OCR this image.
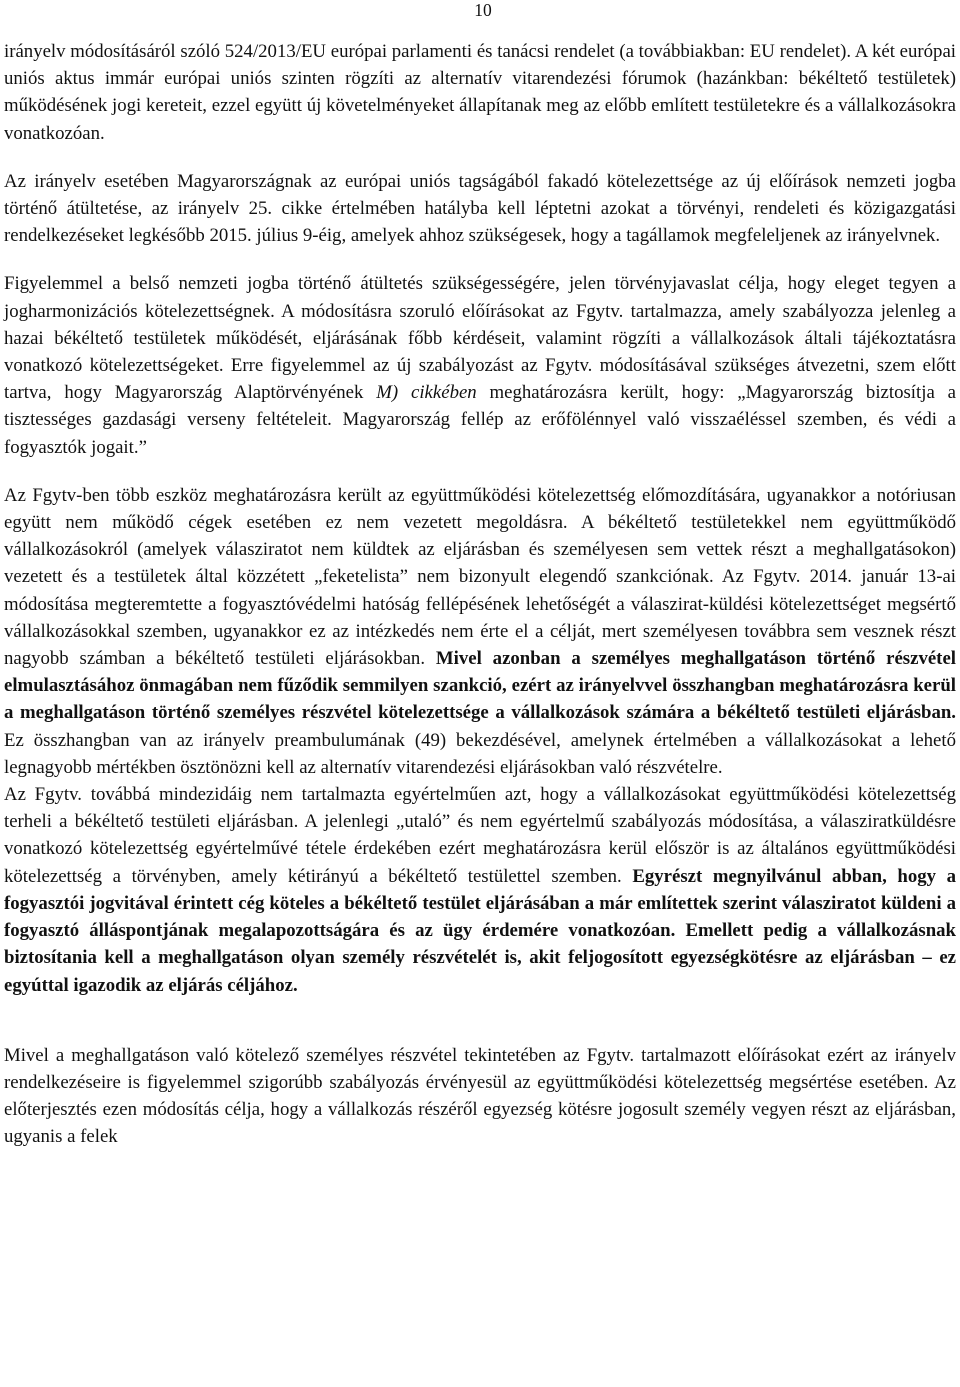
10

irányelv módosításáról szóló 524/2013/EU európai parlamenti és tanácsi rendelet (a továbbiakban: EU rendelet). A két európai uniós aktus immár európai uniós szinten rögzíti az alternatív vitarendezési fórumok (hazánkban: békéltető testületek) működésének jogi kereteit, ezzel együtt új követelményeket állapítanak meg az előbb említett testületekre és a vállalkozásokra vonatkozóan.

Az irányelv esetében Magyarországnak az európai uniós tagságából fakadó kötelezettsége az új előírások nemzeti jogba történő átültetése, az irányelv 25. cikke értelmében hatályba kell léptetni azokat a törvényi, rendeleti és közigazgatási rendelkezéseket legkésőbb 2015. július 9-éig, amelyek ahhoz szükségesek, hogy a tagállamok megfeleljenek az irányelvnek.

Figyelemmel a belső nemzeti jogba történő átültetés szükségességére, jelen törvényjavaslat célja, hogy eleget tegyen a jogharmonizációs kötelezettségnek. A módosításra szoruló előírásokat az Fgytv. tartalmazza, amely szabályozza jelenleg a hazai békéltető testületek működését, eljárásának főbb kérdéseit, valamint rögzíti a vállalkozások általi tájékoztatásra vonatkozó kötelezettségeket. Erre figyelemmel az új szabályozást az Fgytv. módosításával szükséges átvezetni, szem előtt tartva, hogy Magyarország Alaptörvényének M) cikkében meghatározásra került, hogy: „Magyarország biztosítja a tisztességes gazdasági verseny feltételeit. Magyarország fellép az erőfölénnyel való visszaéléssel szemben, és védi a fogyasztók jogait.”

Az Fgytv-ben több eszköz meghatározásra került az együttműködési kötelezettség előmozdítására, ugyanakkor a notóriusan együtt nem működő cégek esetében ez nem vezetett megoldásra. A békéltető testületekkel nem együttműködő vállalkozásokról (amelyek válasziratot nem küldtek az eljárásban és személyesen sem vettek részt a meghallgatásokon) vezetett és a testületek által közzétett „feketelista” nem bizonyult elegendő szankciónak. Az Fgytv. 2014. január 13-ai módosítása megteremtette a fogyasztóvédelmi hatóság fellépésének lehetőségét a válaszirat-küldési kötelezettséget megsértő vállalkozásokkal szemben, ugyanakkor ez az intézkedés nem érte el a célját, mert személyesen továbbra sem vesznek részt nagyobb számban a békéltető testületi eljárásokban. Mivel azonban a személyes meghallgatáson történő részvétel elmulasztásához önmagában nem fűződik semmilyen szankció, ezért az irányelvvel összhangban meghatározásra kerül a meghallgatáson történő személyes részvétel kötelezettsége a vállalkozások számára a békéltető testületi eljárásban. Ez összhangban van az irányelv preambulumának (49) bekezdésével, amelynek értelmében a vállalkozásokat a lehető legnagyobb mértékben ösztönözni kell az alternatív vitarendezési eljárásokban való részvételre.

Az Fgytv. továbbá mindezidáig nem tartalmazta egyértelműen azt, hogy a vállalkozásokat együttműködési kötelezettség terheli a békéltető testületi eljárásban. A jelenlegi „utaló” és nem egyértelmű szabályozás módosítása, a válasziratküldésre vonatkozó kötelezettség egyértelművé tétele érdekében ezért meghatározásra kerül először is az általános együttműködési kötelezettség a törvényben, amely kétirányú a békéltető testülettel szemben. Egyrészt megnyilvánul abban, hogy a fogyasztói jogvitával érintett cég köteles a békéltető testület eljárásában a már említettek szerint válasziratot küldeni a fogyasztó álláspontjának megalapozottságára és az ügy érdemére vonatkozóan. Emellett pedig a vállalkozásnak biztosítania kell a meghallgatáson olyan személy részvételét is, akit feljogosított egyezségkötésre az eljárásban – ez egyúttal igazodik az eljárás céljához.

Mivel a meghallgatáson való kötelező személyes részvétel tekintetében az Fgytv. tartalmazott előírásokat ezért az irányelv rendelkezéseire is figyelemmel szigorúbb szabályozás érvényesül az együttműködési kötelezettség megsértése esetében. Az előterjesztés ezen módosítás célja, hogy a vállalkozás részéről egyezség kötésre jogosult személy vegyen részt az eljárásban, ugyanis a felek
